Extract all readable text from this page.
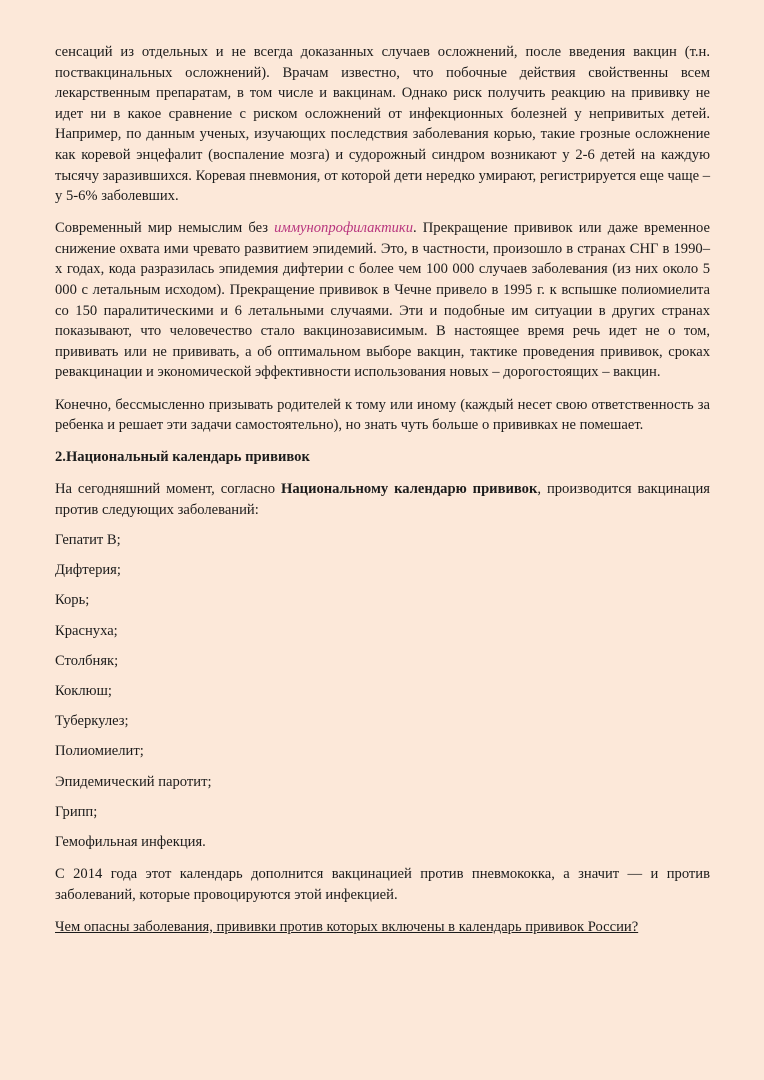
сенсаций из отдельных и не всегда доказанных случаев осложнений, после введения вакцин (т.н. поствакцинальных осложнений). Врачам известно, что побочные действия свойственны всем лекарственным препаратам, в том числе и вакцинам. Однако риск получить реакцию на прививку не идет ни в какое сравнение с риском осложнений от инфекционных болезней у непривитых детей. Например, по данным ученых, изучающих последствия заболевания корью, такие грозные осложнение как коревой энцефалит (воспаление мозга) и судорожный синдром возникают у 2-6 детей на каждую тысячу заразившихся. Коревая пневмония, от которой дети нередко умирают, регистрируется еще чаще – у 5-6% заболевших.

Современный мир немыслим без иммунопрофилактики. Прекращение прививок или даже временное снижение охвата ими чревато развитием эпидемий. Это, в частности, произошло в странах СНГ в 1990–х годах, кода разразилась эпидемия дифтерии с более чем 100 000 случаев заболевания (из них около 5 000 с летальным исходом). Прекращение прививок в Чечне привело в 1995 г. к вспышке полиомиелита со 150 паралитическими и 6 летальными случаями. Эти и подобные им ситуации в других странах показывают, что человечество стало вакцинозависимым. В настоящее время речь идет не о том, прививать или не прививать, а об оптимальном выборе вакцин, тактике проведения прививок, сроках ревакцинации и экономической эффективности использования новых – дорогостоящих – вакцин.

Конечно, бессмысленно призывать родителей к тому или иному (каждый несет свою ответственность за ребенка и решает эти задачи самостоятельно), но знать чуть больше о прививках не помешает.

2.Национальный календарь прививок

На сегодняшний момент, согласно Национальному календарю прививок, производится вакцинация против следующих заболеваний:

Гепатит В;

Дифтерия;

Корь;

Краснуха;

Столбняк;

Коклюш;

Туберкулез;

Полиомиелит;

Эпидемический паротит;

Грипп;

Гемофильная инфекция.

С 2014 года этот календарь дополнится вакцинацией против пневмококка, а значит — и против заболеваний, которые провоцируются этой инфекцией.

Чем опасны заболевания, прививки против которых включены в календарь прививок России?
